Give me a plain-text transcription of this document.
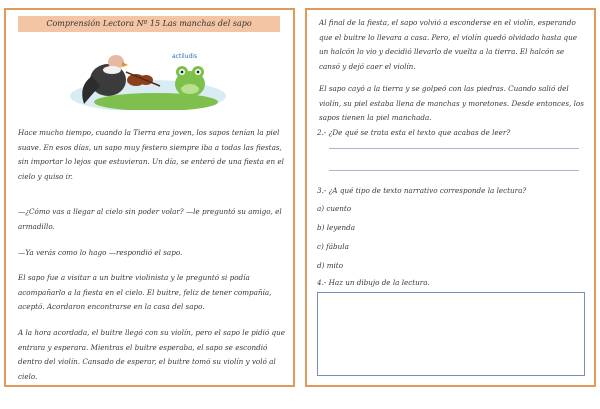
Comprensión Lectora Nº 15 Las manchas del sapo
actiludis

Hace mucho tiempo, cuando la Tierra era joven, los sapos tenían la piel suave. En esos días, un sapo muy festero siempre iba a todas las fiestas, sin importar lo lejos que estuvieran. Un día, se enteró de una fiesta en el cielo y quiso ir.

—¿Cómo vas a llegar al cielo sin poder volar? —le preguntó su amigo, el armadillo.

—Ya verás como lo hago —respondió el sapo.

El sapo fue a visitar a un buitre violinista y le preguntó si podía acompañarlo a la fiesta en el cielo. El buitre, feliz de tener compañía, aceptó. Acordaron encontrarse en la casa del sapo.

A la hora acordada, el buitre llegó con su violín, pero el sapo le pidió que entrara y esperara. Mientras el buitre esperaba, el sapo se escondió dentro del violín. Cansado de esperar, el buitre tomó su violín y voló al cielo.

Al final de la fiesta, el sapo volvió a esconderse en el violín, esperando que el buitre lo llevara a casa. Pero, el violín quedó olvidado hasta que un halcón lo vio y decidió llevarlo de vuelta a la tierra. El halcón se cansó y dejó caer el violín.

El sapo cayó a la tierra y se golpeó con las piedras. Cuando salió del violín, su piel estaba llena de manchas y moretones. Desde entonces, los sapos tienen la piel manchada.

2.- ¿De qué se trata esta el texto que acabas de leer?
3.- ¿A qué tipo de texto narrativo corresponde la lectura?
a) cuento
b) leyenda
c) fábula
d) mito
4.- Haz un dibujo de la lectura.
